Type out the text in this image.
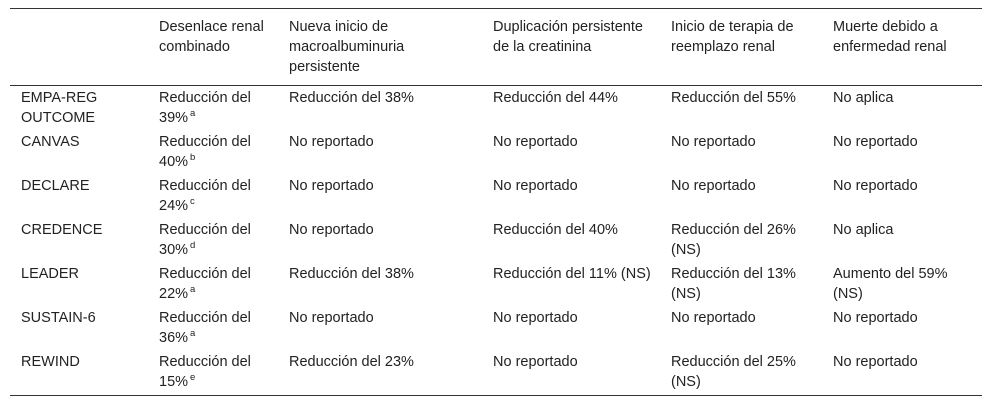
	Desenlace renal combinado	Nueva inicio de macroalbuminuria persistente	Duplicación persistente de la creatinina	Inicio de terapia de reemplazo renal	Muerte debido a enfermedad renal
EMPA-REG OUTCOME	Reducción del 39% $^a$	Reducción del 38%	Reducción del 44%	Reducción del 55%	No aplica
CANVAS	Reducción del 40% $^b$	No reportado	No reportado	No reportado	No reportado
DECLARE	Reducción del 24% $^c$	No reportado	No reportado	No reportado	No reportado
CREDENCE	Reducción del 30% $^d$	No reportado	Reducción del 40%	Reducción del 26% (NS)	No aplica
LEADER	Reducción del 22% $^a$	Reducción del 38%	Reducción del 11% (NS)	Reducción del 13% (NS)	Aumento del 59% (NS)
SUSTAIN-6	Reducción del 36% $^a$	No reportado	No reportado	No reportado	No reportado
REWIND	Reducción del 15% $^e$	Reducción del 23%	No reportado	Reducción del 25% (NS)	No reportado
